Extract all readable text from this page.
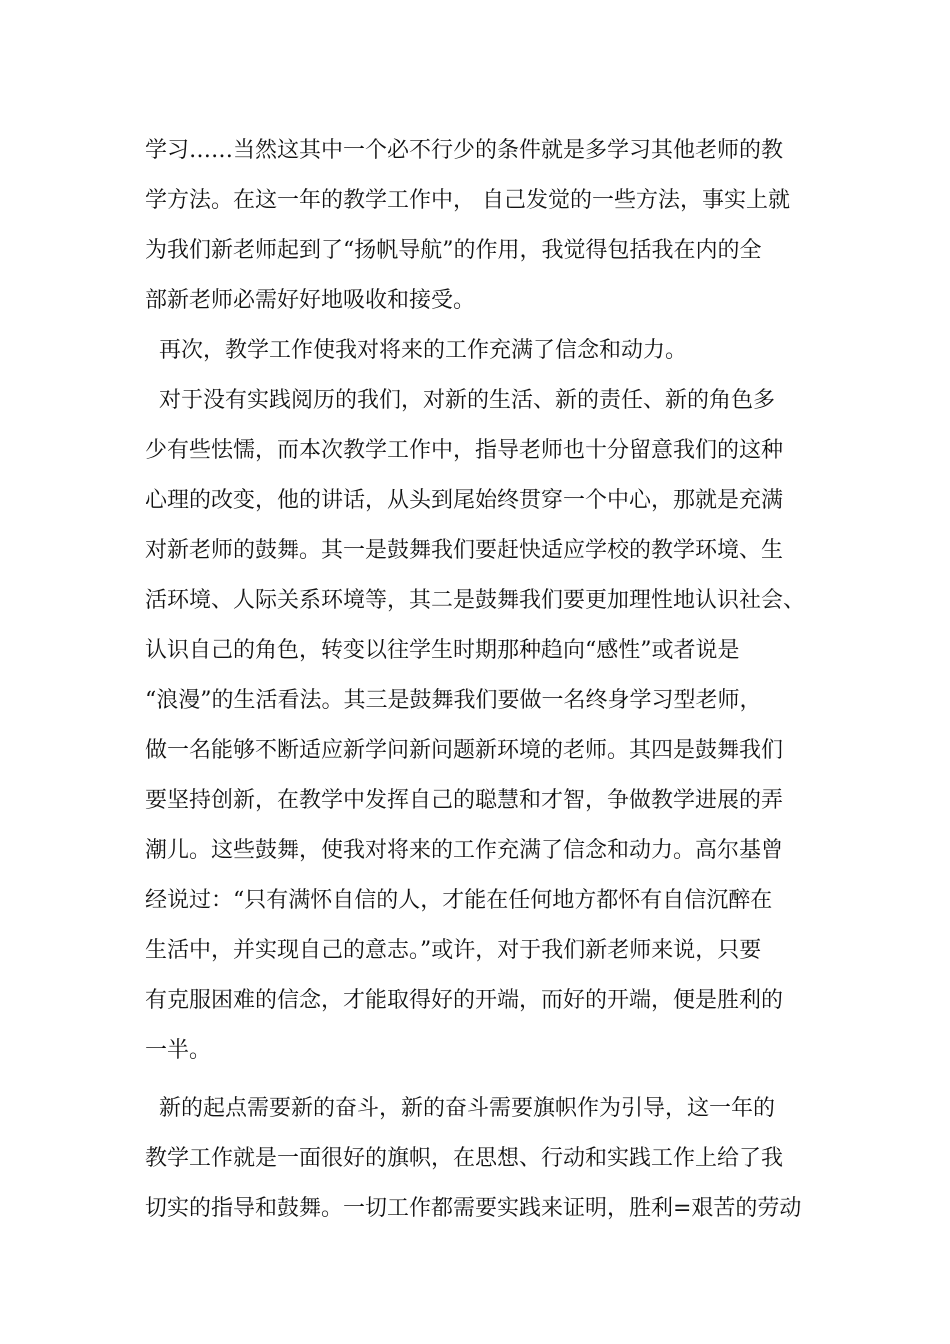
学习……当然这其中一个必不行少的条件就是多学习其他老师的教
学方法。在这一年的教学工作中， 自己发觉的一些方法，事实上就
为我们新老师起到了“扬帆导航”的作用，我觉得包括我在内的全
部新老师必需好好地吸收和接受。
再次，教学工作使我对将来的工作充满了信念和动力。
对于没有实践阅历的我们，对新的生活、新的责任、新的角色多
少有些怯懦，而本次教学工作中，指导老师也十分留意我们的这种
心理的改变，他的讲话，从头到尾始终贯穿一个中心，那就是充满
对新老师的鼓舞。其一是鼓舞我们要赶快适应学校的教学环境、生
活环境、人际关系环境等，其二是鼓舞我们要更加理性地认识社会、
认识自己的角色，转变以往学生时期那种趋向“感性”或者说是
“浪漫”的生活看法。其三是鼓舞我们要做一名终身学习型老师，
做一名能够不断适应新学问新问题新环境的老师。其四是鼓舞我们
要坚持创新，在教学中发挥自己的聪慧和才智，争做教学进展的弄
潮儿。这些鼓舞，使我对将来的工作充满了信念和动力。高尔基曾
经说过：“只有满怀自信的人，才能在任何地方都怀有自信沉醉在
生活中，并实现自己的意志。”或许，对于我们新老师来说，只要
有克服困难的信念，才能取得好的开端，而好的开端，便是胜利的
一半。
新的起点需要新的奋斗，新的奋斗需要旗帜作为引导，这一年的
教学工作就是一面很好的旗帜，在思想、行动和实践工作上给了我
切实的指导和鼓舞。一切工作都需要实践来证明，胜利=艰苦的劳动
